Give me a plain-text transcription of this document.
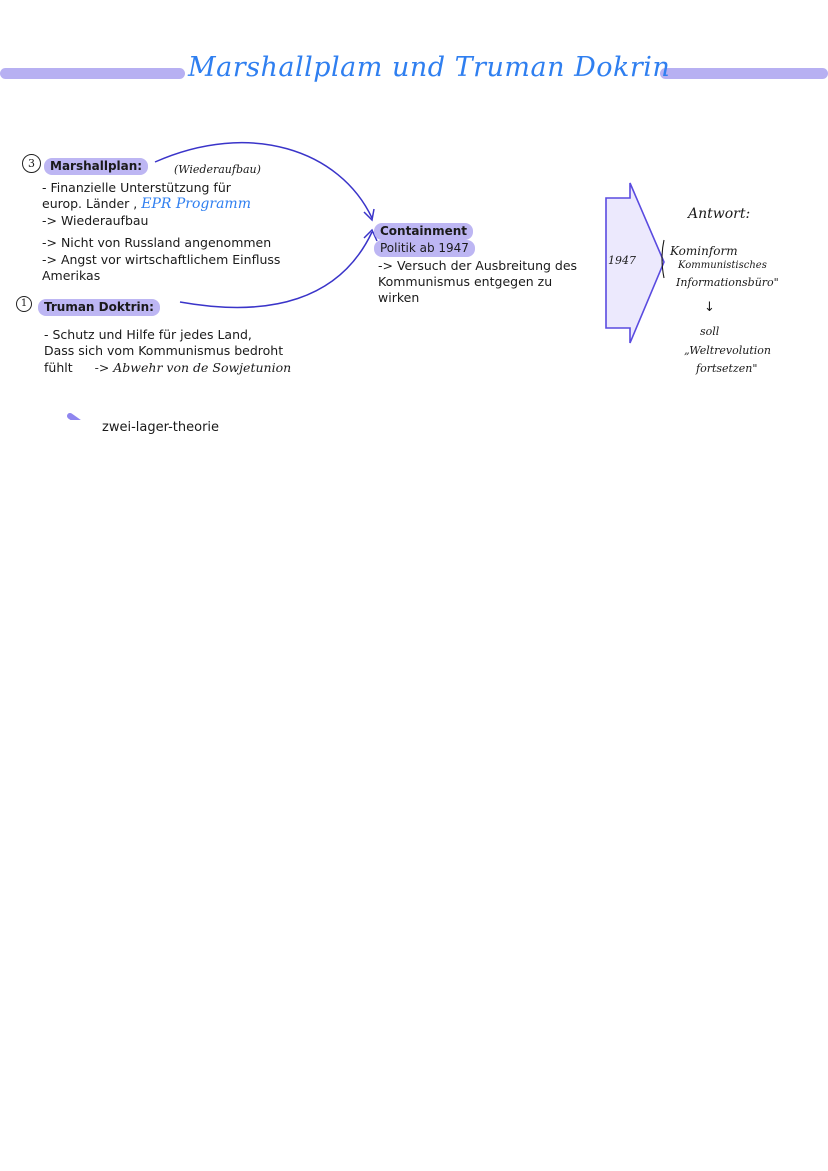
Marshallplam und Truman Dokrin
3	Marshallplan:	(Wiederaufbau)
- Finanzielle Unterstützung für
europ. Länder , EPR Programm
-> Wiederaufbau
-> Nicht von Russland angenommen
-> Angst vor wirtschaftlichem Einfluss
Amerikas
1	Truman Doktrin:
- Schutz und Hilfe für jedes Land,
Dass sich vom Kommunismus bedroht
fühlt -> Abwehr von de Sowjetunion
Containment
Politik ab 1947
-> Versuch der Ausbreitung des
Kommunismus entgegen zu
wirken
1947
Antwort:
Kominform
Kommunistisches
Informationsbüro"
↓
soll
„Weltrevolution
fortsetzen"
zwei-lager-theorie
